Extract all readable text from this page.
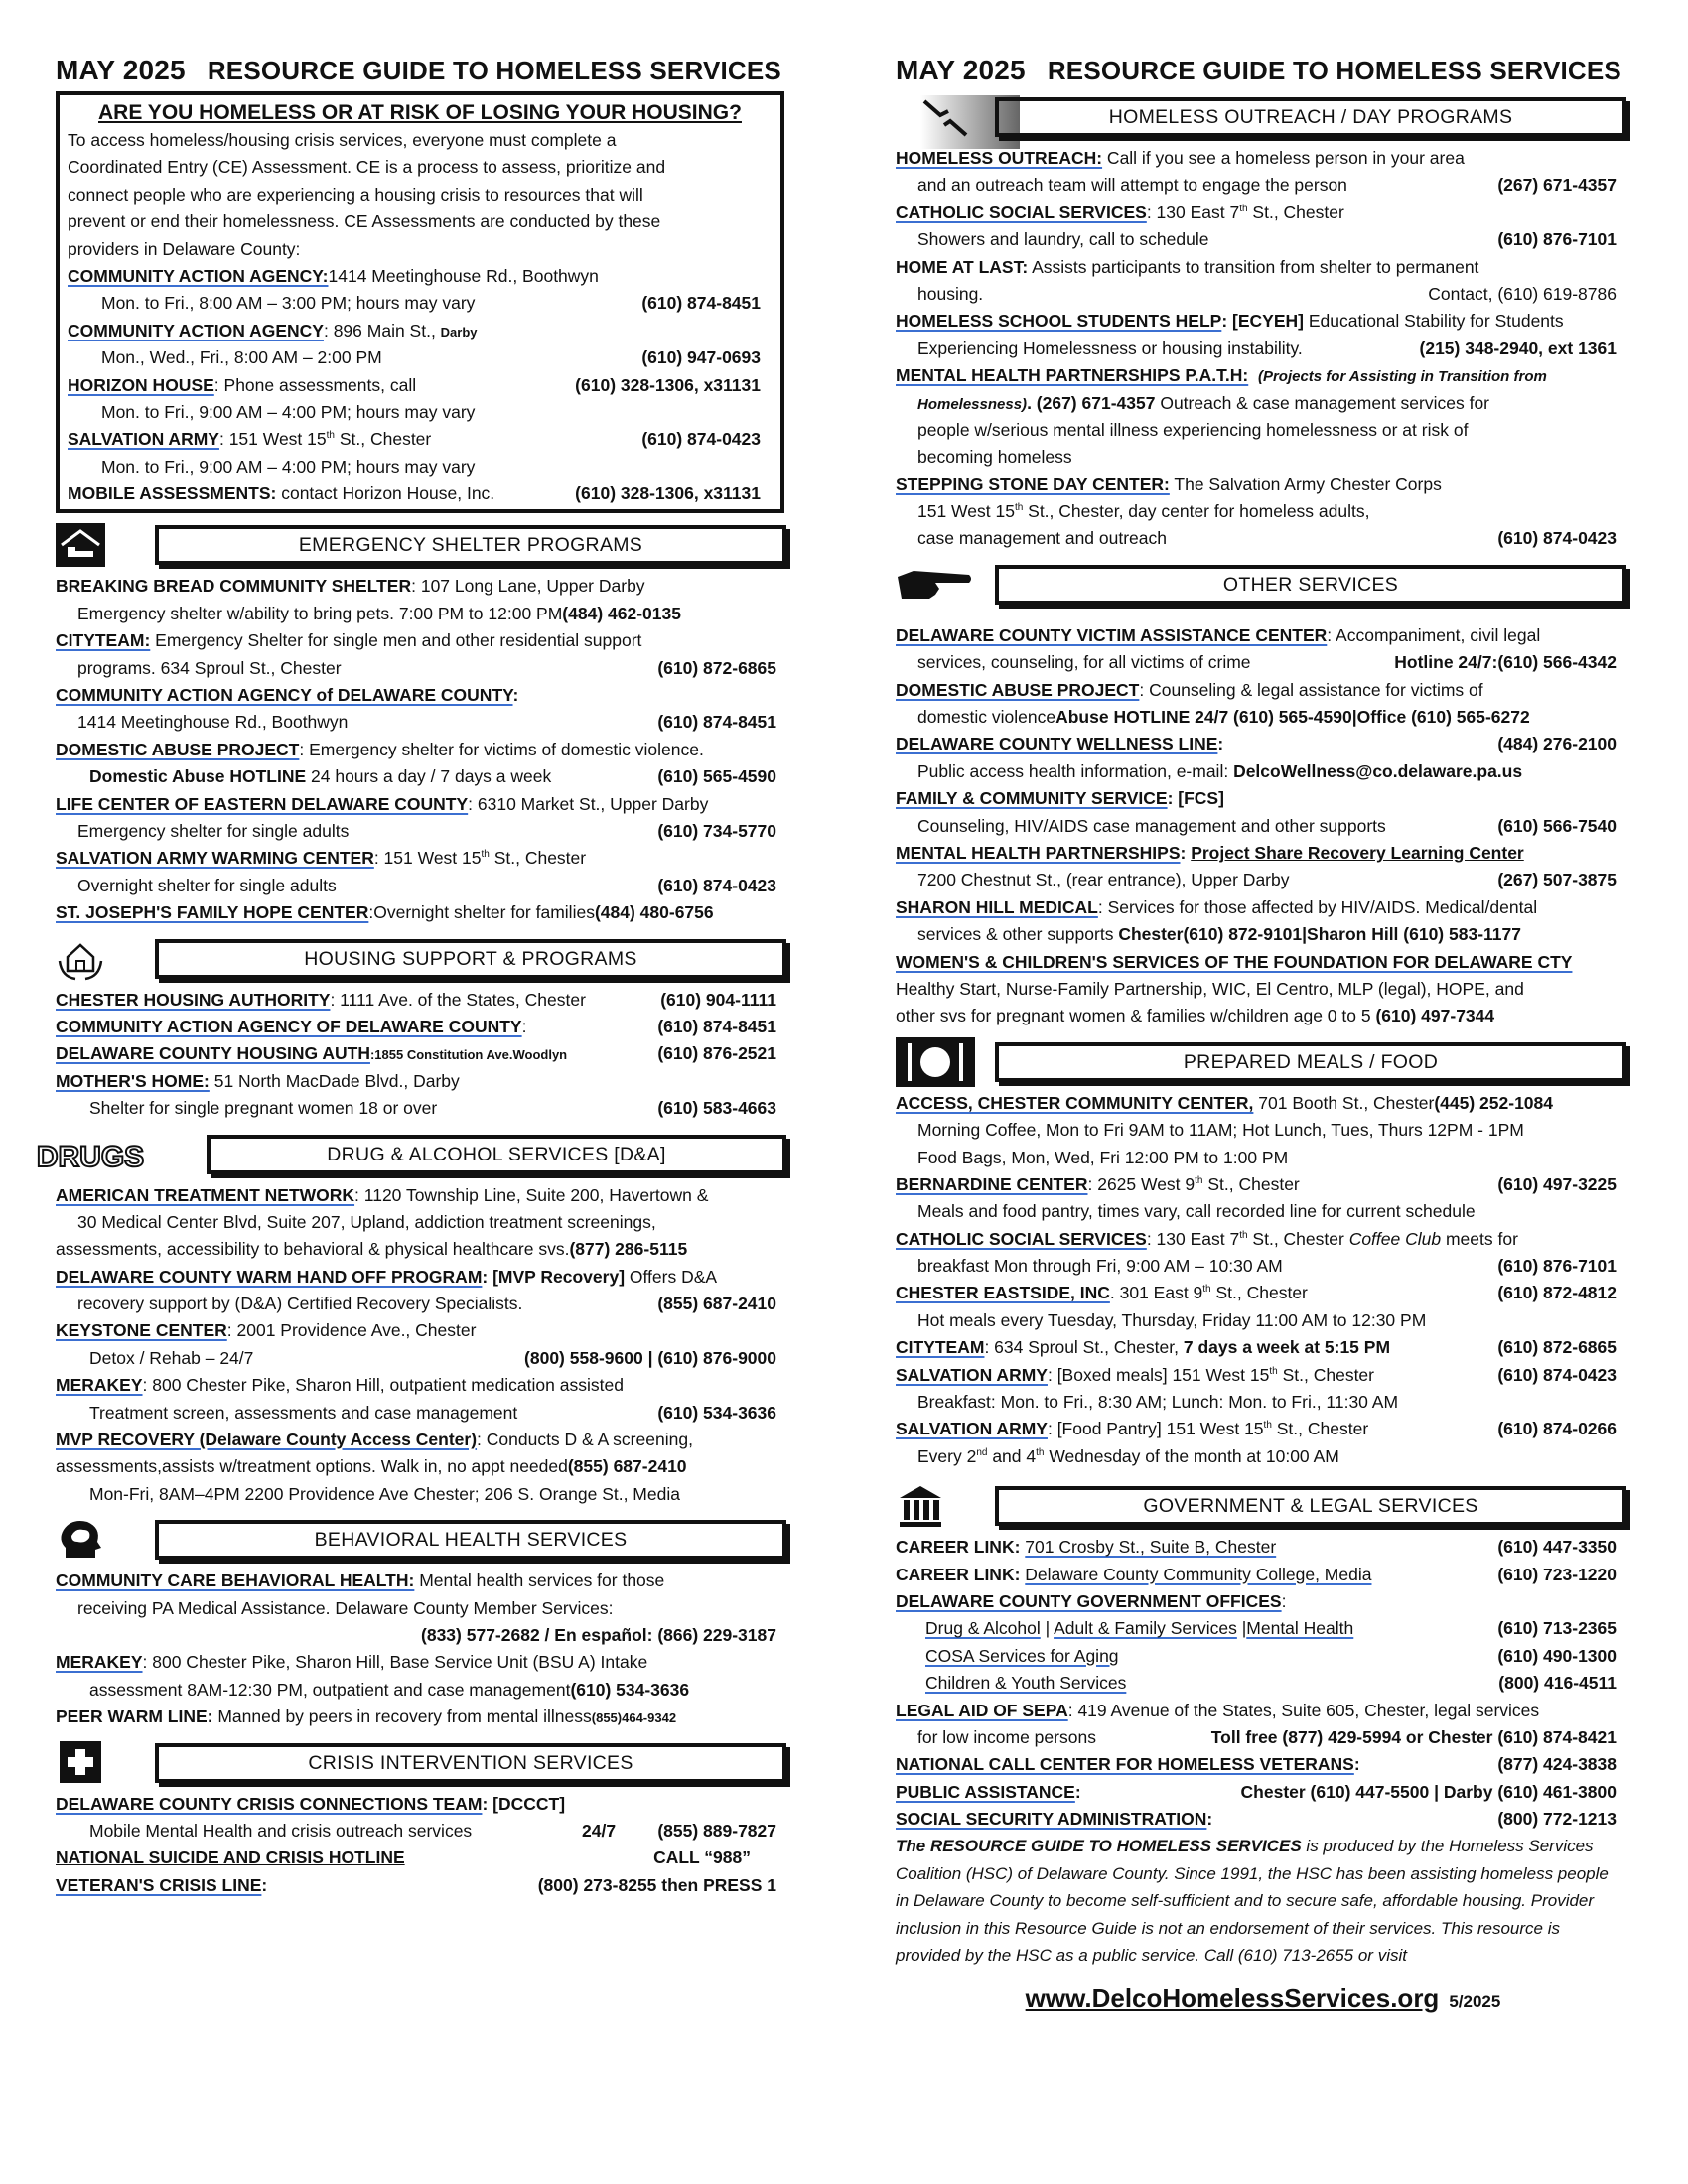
MAY 2025 RESOURCE GUIDE TO HOMELESS SERVICES
ARE YOU HOMELESS OR AT RISK OF LOSING YOUR HOUSING?
To access homeless/housing crisis services, everyone must complete a
Coordinated Entry (CE) Assessment. CE is a process to assess, prioritize and
connect people who are experiencing a housing crisis to resources that will
prevent or end their homelessness. CE Assessments are conducted by these
providers in Delaware County:
COMMUNITY ACTION AGENCY:1414 Meetinghouse Rd., Boothwyn
Mon. to Fri., 8:00 AM – 3:00 PM; hours may vary	(610) 874-8451
COMMUNITY ACTION AGENCY: 896 Main St., Darby
Mon., Wed., Fri., 8:00 AM – 2:00 PM	(610) 947-0693
HORIZON HOUSE: Phone assessments, call	(610) 328-1306, x31131
Mon. to Fri., 9:00 AM – 4:00 PM; hours may vary
SALVATION ARMY: 151 West 15th St., Chester	(610) 874-0423
Mon. to Fri., 9:00 AM – 4:00 PM; hours may vary
MOBILE ASSESSMENTS: contact Horizon House, Inc.	(610) 328-1306, x31131
EMERGENCY SHELTER PROGRAMS
BREAKING BREAD COMMUNITY SHELTER: 107 Long Lane, Upper Darby
Emergency shelter w/ability to bring pets. 7:00 PM to 12:00 PM(484) 462-0135
CITYTEAM: Emergency Shelter for single men and other residential support
programs. 634 Sproul St., Chester	(610) 872-6865
COMMUNITY ACTION AGENCY of DELAWARE COUNTY:
1414 Meetinghouse Rd., Boothwyn	(610) 874-8451
DOMESTIC ABUSE PROJECT: Emergency shelter for victims of domestic violence.
Domestic Abuse HOTLINE 24 hours a day / 7 days a week	(610) 565-4590
LIFE CENTER OF EASTERN DELAWARE COUNTY: 6310 Market St., Upper Darby
Emergency shelter for single adults	(610) 734-5770
SALVATION ARMY WARMING CENTER: 151 West 15th St., Chester
Overnight shelter for single adults	(610) 874-0423
ST. JOSEPH'S FAMILY HOPE CENTER:Overnight shelter for families(484) 480-6756
HOUSING SUPPORT & PROGRAMS
CHESTER HOUSING AUTHORITY: 1111 Ave. of the States, Chester	(610) 904-1111
COMMUNITY ACTION AGENCY OF DELAWARE COUNTY:	(610) 874-8451
DELAWARE COUNTY HOUSING AUTH:1855 Constitution Ave.Woodlyn	(610) 876-2521
MOTHER'S HOME: 51 North MacDade Blvd., Darby
Shelter for single pregnant women 18 or over	(610) 583-4663
DRUGS	DRUG & ALCOHOL SERVICES [D&A]
AMERICAN TREATMENT NETWORK: 1120 Township Line, Suite 200, Havertown &
30 Medical Center Blvd, Suite 207, Upland, addiction treatment screenings,
assessments, accessibility to behavioral & physical healthcare svs.(877) 286-5115
DELAWARE COUNTY WARM HAND OFF PROGRAM: [MVP Recovery] Offers D&A
recovery support by (D&A) Certified Recovery Specialists.	(855) 687-2410
KEYSTONE CENTER: 2001 Providence Ave., Chester
Detox / Rehab – 24/7	(800) 558-9600 | (610) 876-9000
MERAKEY: 800 Chester Pike, Sharon Hill, outpatient medication assisted
Treatment screen, assessments and case management	(610) 534-3636
MVP RECOVERY (Delaware County Access Center): Conducts D & A screening,
assessments,assists w/treatment options. Walk in, no appt needed(855) 687-2410
Mon-Fri, 8AM–4PM 2200 Providence Ave Chester; 206 S. Orange St., Media
BEHAVIORAL HEALTH SERVICES
COMMUNITY CARE BEHAVIORAL HEALTH: Mental health services for those
receiving PA Medical Assistance. Delaware County Member Services:
(833) 577-2682 / En español: (866) 229-3187
MERAKEY: 800 Chester Pike, Sharon Hill, Base Service Unit (BSU A) Intake
assessment 8AM-12:30 PM, outpatient and case management(610) 534-3636
PEER WARM LINE: Manned by peers in recovery from mental illness(855)464-9342
CRISIS INTERVENTION SERVICES
DELAWARE COUNTY CRISIS CONNECTIONS TEAM: [DCCCT]
Mobile Mental Health and crisis outreach services	24/7 (855) 889-7827
NATIONAL SUICIDE AND CRISIS HOTLINE	CALL “988”
VETERAN'S CRISIS LINE:	(800) 273-8255 then PRESS 1
MAY 2025 RESOURCE GUIDE TO HOMELESS SERVICES
HOMELESS OUTREACH / DAY PROGRAMS
HOMELESS OUTREACH: Call if you see a homeless person in your area
and an outreach team will attempt to engage the person	(267) 671-4357
CATHOLIC SOCIAL SERVICES: 130 East 7th St., Chester
Showers and laundry, call to schedule	(610) 876-7101
HOME AT LAST: Assists participants to transition from shelter to permanent
housing.	Contact, (610) 619-8786
HOMELESS SCHOOL STUDENTS HELP: [ECYEH] Educational Stability for Students
Experiencing Homelessness or housing instability.	(215) 348-2940, ext 1361
MENTAL HEALTH PARTNERSHIPS P.A.T.H: (Projects for Assisting in Transition from
Homelessness). (267) 671-4357 Outreach & case management services for
people w/serious mental illness experiencing homelessness or at risk of
becoming homeless
STEPPING STONE DAY CENTER: The Salvation Army Chester Corps
151 West 15th St., Chester, day center for homeless adults,
case management and outreach	(610) 874-0423
OTHER SERVICES
DELAWARE COUNTY VICTIM ASSISTANCE CENTER: Accompaniment, civil legal
services, counseling, for all victims of crime	Hotline 24/7:(610) 566-4342
DOMESTIC ABUSE PROJECT: Counseling & legal assistance for victims of
domestic violenceAbuse HOTLINE 24/7 (610) 565-4590|Office (610) 565-6272
DELAWARE COUNTY WELLNESS LINE:	(484) 276-2100
Public access health information, e-mail: DelcoWellness@co.delaware.pa.us
FAMILY & COMMUNITY SERVICE: [FCS]
Counseling, HIV/AIDS case management and other supports	(610) 566-7540
MENTAL HEALTH PARTNERSHIPS: Project Share Recovery Learning Center
7200 Chestnut St., (rear entrance), Upper Darby	(267) 507-3875
SHARON HILL MEDICAL: Services for those affected by HIV/AIDS. Medical/dental
services & other supports Chester(610) 872-9101|Sharon Hill (610) 583-1177
WOMEN'S & CHILDREN'S SERVICES OF THE FOUNDATION FOR DELAWARE CTY
Healthy Start, Nurse-Family Partnership, WIC, El Centro, MLP (legal), HOPE, and
other svs for pregnant women & families w/children age 0 to 5 (610) 497-7344
PREPARED MEALS / FOOD
ACCESS, CHESTER COMMUNITY CENTER, 701 Booth St., Chester(445) 252-1084
Morning Coffee, Mon to Fri 9AM to 11AM; Hot Lunch, Tues, Thurs 12PM - 1PM
Food Bags, Mon, Wed, Fri 12:00 PM to 1:00 PM
BERNARDINE CENTER: 2625 West 9th St., Chester	(610) 497-3225
Meals and food pantry, times vary, call recorded line for current schedule
CATHOLIC SOCIAL SERVICES: 130 East 7th St., Chester Coffee Club meets for
breakfast Mon through Fri, 9:00 AM – 10:30 AM	(610) 876-7101
CHESTER EASTSIDE, INC. 301 East 9th St., Chester	(610) 872-4812
Hot meals every Tuesday, Thursday, Friday 11:00 AM to 12:30 PM
CITYTEAM: 634 Sproul St., Chester, 7 days a week at 5:15 PM	(610) 872-6865
SALVATION ARMY: [Boxed meals] 151 West 15th St., Chester	(610) 874-0423
Breakfast: Mon. to Fri., 8:30 AM; Lunch: Mon. to Fri., 11:30 AM
SALVATION ARMY: [Food Pantry] 151 West 15th St., Chester	(610) 874-0266
Every 2nd and 4th Wednesday of the month at 10:00 AM
GOVERNMENT & LEGAL SERVICES
CAREER LINK: 701 Crosby St., Suite B, Chester	(610) 447-3350
CAREER LINK: Delaware County Community College, Media	(610) 723-1220
DELAWARE COUNTY GOVERNMENT OFFICES:
Drug & Alcohol | Adult & Family Services |Mental Health	(610) 713-2365
COSA Services for Aging	(610) 490-1300
Children & Youth Services	(800) 416-4511
LEGAL AID OF SEPA: 419 Avenue of the States, Suite 605, Chester, legal services
for low income persons	Toll free (877) 429-5994 or Chester (610) 874-8421
NATIONAL CALL CENTER FOR HOMELESS VETERANS:	(877) 424-3838
PUBLIC ASSISTANCE:	Chester (610) 447-5500 | Darby (610) 461-3800
SOCIAL SECURITY ADMINISTRATION:	(800) 772-1213
The RESOURCE GUIDE TO HOMELESS SERVICES is produced by the Homeless Services Coalition (HSC) of Delaware County. Since 1991, the HSC has been assisting homeless people in Delaware County to become self-sufficient and to secure safe, affordable housing. Provider inclusion in this Resource Guide is not an endorsement of their services. This resource is provided by the HSC as a public service. Call (610) 713-2655 or visit
www.DelcoHomelessServices.org 5/2025
